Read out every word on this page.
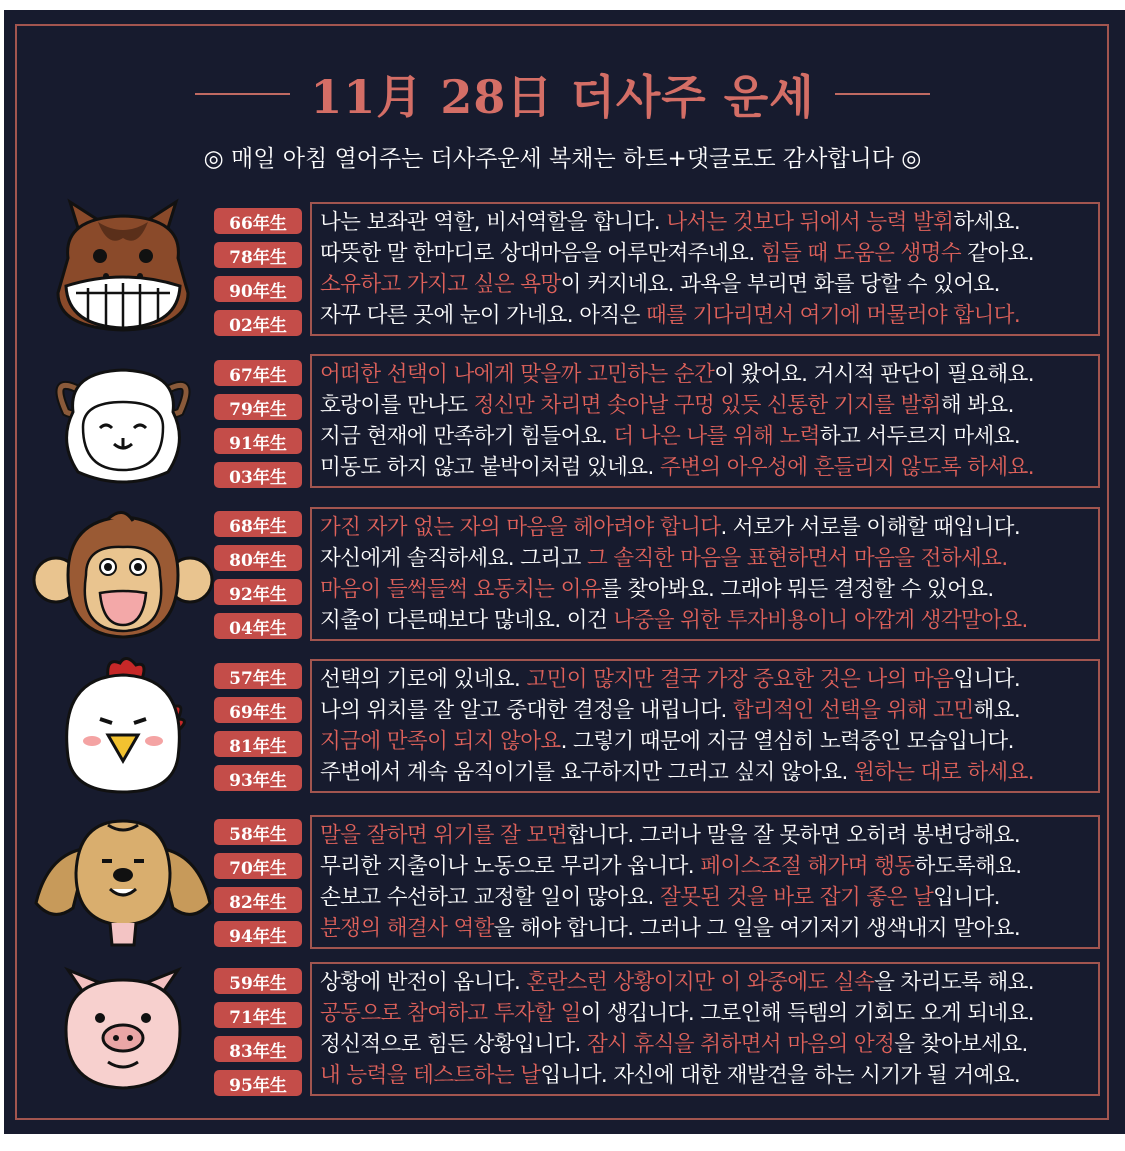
11月 28日 더사주 운세
◎ 매일 아침 열어주는 더사주운세 복채는 하트+댓글로도 감사합니다 ◎
66年生
78年生
90年生
02年生
나는 보좌관 역할, 비서역할을 합니다. 나서는 것보다 뒤에서 능력 발휘하세요.
따뜻한 말 한마디로 상대마음을 어루만져주네요. 힘들 때 도움은 생명수 같아요.
소유하고 가지고 싶은 욕망이 커지네요. 과욕을 부리면 화를 당할 수 있어요.
자꾸 다른 곳에 눈이 가네요. 아직은 때를 기다리면서 여기에 머물러야 합니다.
67年生
79年生
91年生
03年生
어떠한 선택이 나에게 맞을까 고민하는 순간이 왔어요. 거시적 판단이 필요해요.
호랑이를 만나도 정신만 차리면 솟아날 구멍 있듯 신통한 기지를 발휘해 봐요.
지금 현재에 만족하기 힘들어요. 더 나은 나를 위해 노력하고 서두르지 마세요.
미동도 하지 않고 붙박이처럼 있네요. 주변의 아우성에 흔들리지 않도록 하세요.
68年生
80年生
92年生
04年生
가진 자가 없는 자의 마음을 헤아려야 합니다. 서로가 서로를 이해할 때입니다.
자신에게 솔직하세요. 그리고 그 솔직한 마음을 표현하면서 마음을 전하세요.
마음이 들썩들썩 요동치는 이유를 찾아봐요. 그래야 뭐든 결정할 수 있어요.
지출이 다른때보다 많네요. 이건 나중을 위한 투자비용이니 아깝게 생각말아요.
57年生
69年生
81年生
93年生
선택의 기로에 있네요. 고민이 많지만 결국 가장 중요한 것은 나의 마음입니다.
나의 위치를 잘 알고 중대한 결정을 내립니다. 합리적인 선택을 위해 고민해요.
지금에 만족이 되지 않아요. 그렇기 때문에 지금 열심히 노력중인 모습입니다.
주변에서 계속 움직이기를 요구하지만 그러고 싶지 않아요. 원하는 대로 하세요.
58年生
70年生
82年生
94年生
말을 잘하면 위기를 잘 모면합니다. 그러나 말을 잘 못하면 오히려 봉변당해요.
무리한 지출이나 노동으로 무리가 옵니다. 페이스조절 해가며 행동하도록해요.
손보고 수선하고 교정할 일이 많아요. 잘못된 것을 바로 잡기 좋은 날입니다.
분쟁의 해결사 역할을 해야 합니다. 그러나 그 일을 여기저기 생색내지 말아요.
59年生
71年生
83年生
95年生
상황에 반전이 옵니다. 혼란스런 상황이지만 이 와중에도 실속을 차리도록 해요.
공동으로 참여하고 투자할 일이 생깁니다. 그로인해 득템의 기회도 오게 되네요.
정신적으로 힘든 상황입니다. 잠시 휴식을 취하면서 마음의 안정을 찾아보세요.
내 능력을 테스트하는 날입니다. 자신에 대한 재발견을 하는 시기가 될 거예요.
